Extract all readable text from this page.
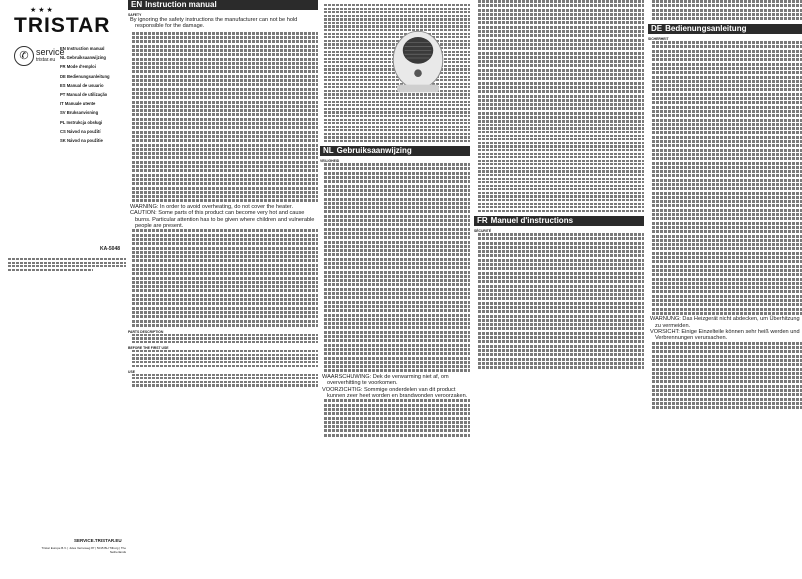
★ ★ ★
TRISTAR
✆ service
tristar.eu
EN Instruction manual
NL Gebruiksaanwijzing
FR Mode d'emploi
DE Bedienungsanleitung
ES Manual de usuario
PT Manual de utilização
IT Manuale utente
SV Bruksanvisning
PL Instrukcja obsługi
CS Návod na použití
SK Návod na použitie
KA-5048
SERVICE.TRISTAR.EU
Tristar Europe B.V. | Jules Verneweg 87 | 5015 BH Tilburg | The Netherlands
EN Instruction manual
SAFETY

By ignoring the safety instructions the manufacturer can not be hold responsible for the damage.

WARNING: In order to avoid overheating, do not cover the heater.

CAUTION: Some parts of this product can become very hot and cause burns. Particular attention has to be given where children and vulnerable people are present.

PARTS DESCRIPTION
BEFORE THE FIRST USE
USE
NL Gebruiksaanwijzing
VEILIGHEID

WAARSCHUWING: Dek de verwarming niet af, om oververhitting te voorkomen.

VOORZICHTIG: Sommige onderdelen van dit product kunnen zeer heet worden en brandwonden veroorzaken.

FR Manuel d'instructions
SÉCURITÉ
DE Bedienungsanleitung
SICHERHEIT

WARNUNG: Das Heizgerät nicht abdecken, um Überhitzung zu vermeiden.

VORSICHT: Einige Einzelteile können sehr heiß werden und Verbrennungen verursachen.
